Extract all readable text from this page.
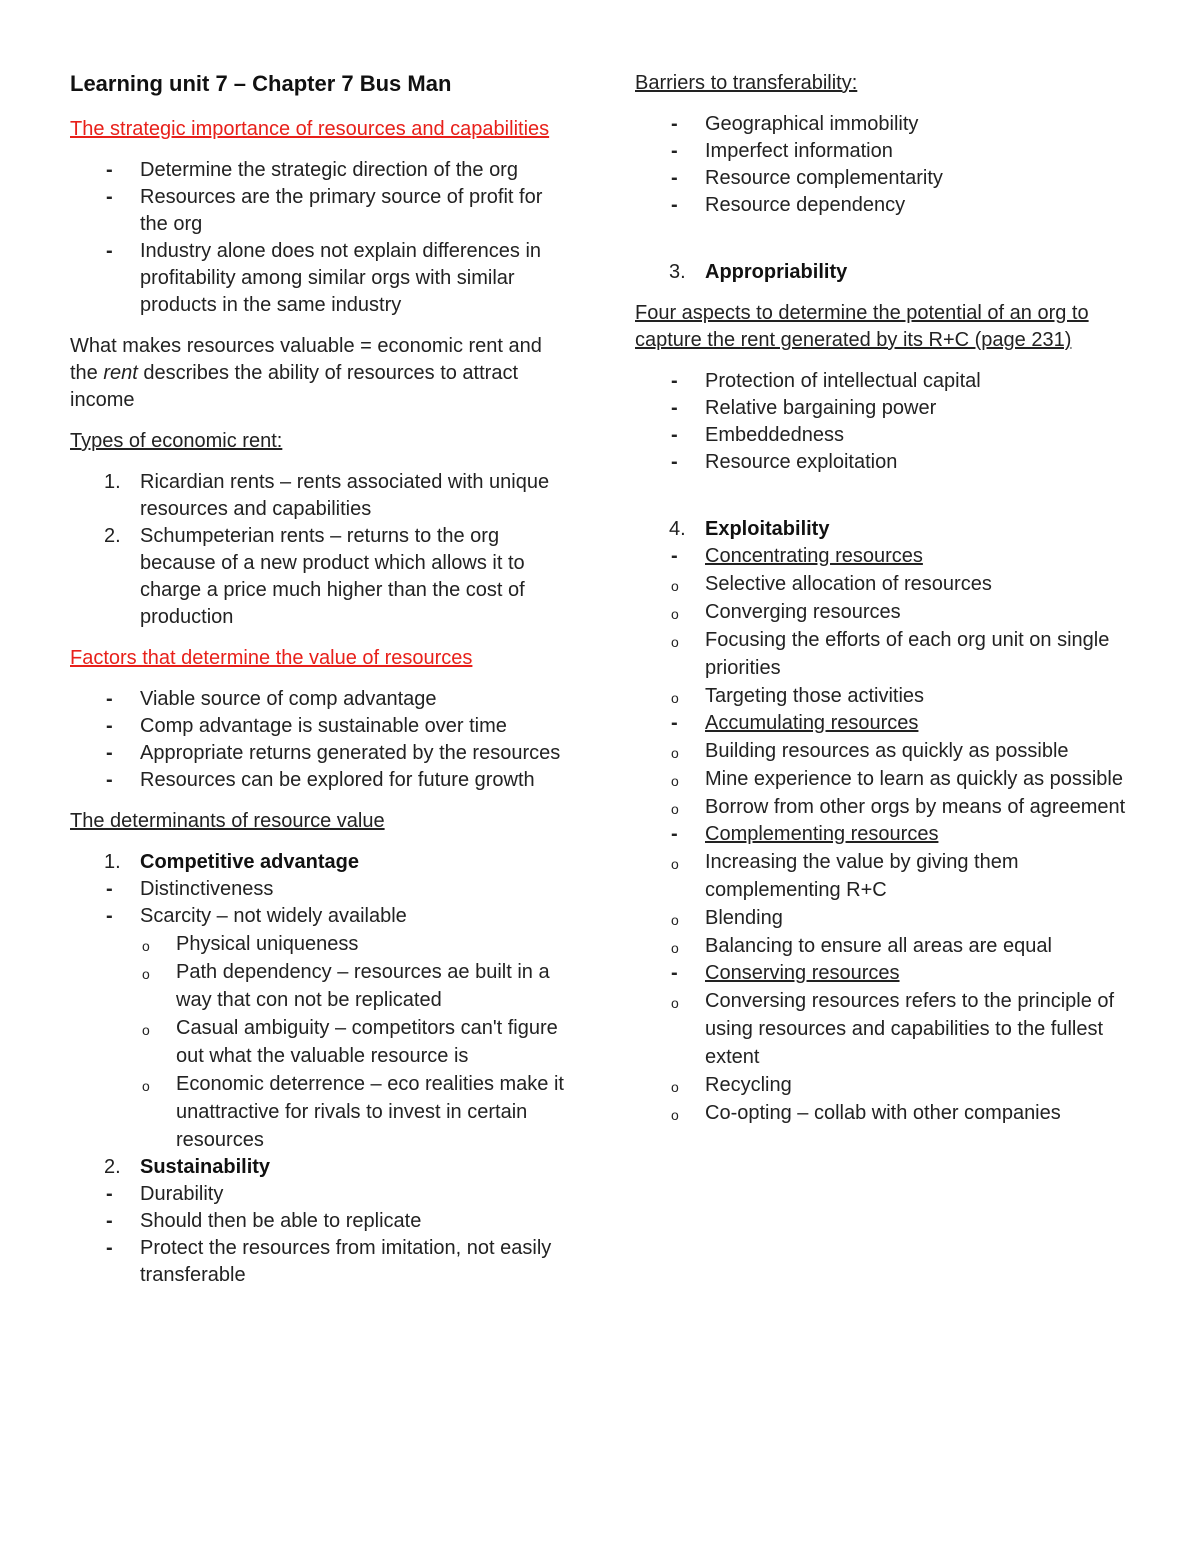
Learning unit 7 – Chapter 7 Bus Man
The strategic importance of resources and capabilities
- Determine the strategic direction of the org
- Resources are the primary source of profit for the org
- Industry alone does not explain differences in profitability among similar orgs with similar products in the same industry
What makes resources valuable = economic rent and the rent describes the ability of resources to attract income
Types of economic rent:
1. Ricardian rents – rents associated with unique resources and capabilities
2. Schumpeterian rents – returns to the org because of a new product which allows it to charge a price much higher than the cost of production
Factors that determine the value of resources
- Viable source of comp advantage
- Comp advantage is sustainable over time
- Appropriate returns generated by the resources
- Resources can be explored for future growth
The determinants of resource value
1. Competitive advantage
- Distinctiveness
- Scarcity – not widely available
o Physical uniqueness
o Path dependency – resources ae built in a way that con not be replicated
o Casual ambiguity – competitors can't figure out what the valuable resource is
o Economic deterrence – eco realities make it unattractive for rivals to invest in certain resources
2. Sustainability
- Durability
- Should then be able to replicate
- Protect the resources from imitation, not easily transferable
Barriers to transferability:
- Geographical immobility
- Imperfect information
- Resource complementarity
- Resource dependency
3. Appropriability
Four aspects to determine the potential of an org to capture the rent generated by its R+C (page 231)
- Protection of intellectual capital
- Relative bargaining power
- Embeddedness
- Resource exploitation
4. Exploitability
- Concentrating resources
o Selective allocation of resources
o Converging resources
o Focusing the efforts of each org unit on single priorities
o Targeting those activities
- Accumulating resources
o Building resources as quickly as possible
o Mine experience to learn as quickly as possible
o Borrow from other orgs by means of agreement
- Complementing resources
o Increasing the value by giving them complementing R+C
o Blending
o Balancing to ensure all areas are equal
- Conserving resources
o Conversing resources refers to the principle of using resources and capabilities to the fullest extent
o Recycling
o Co-opting – collab with other companies
